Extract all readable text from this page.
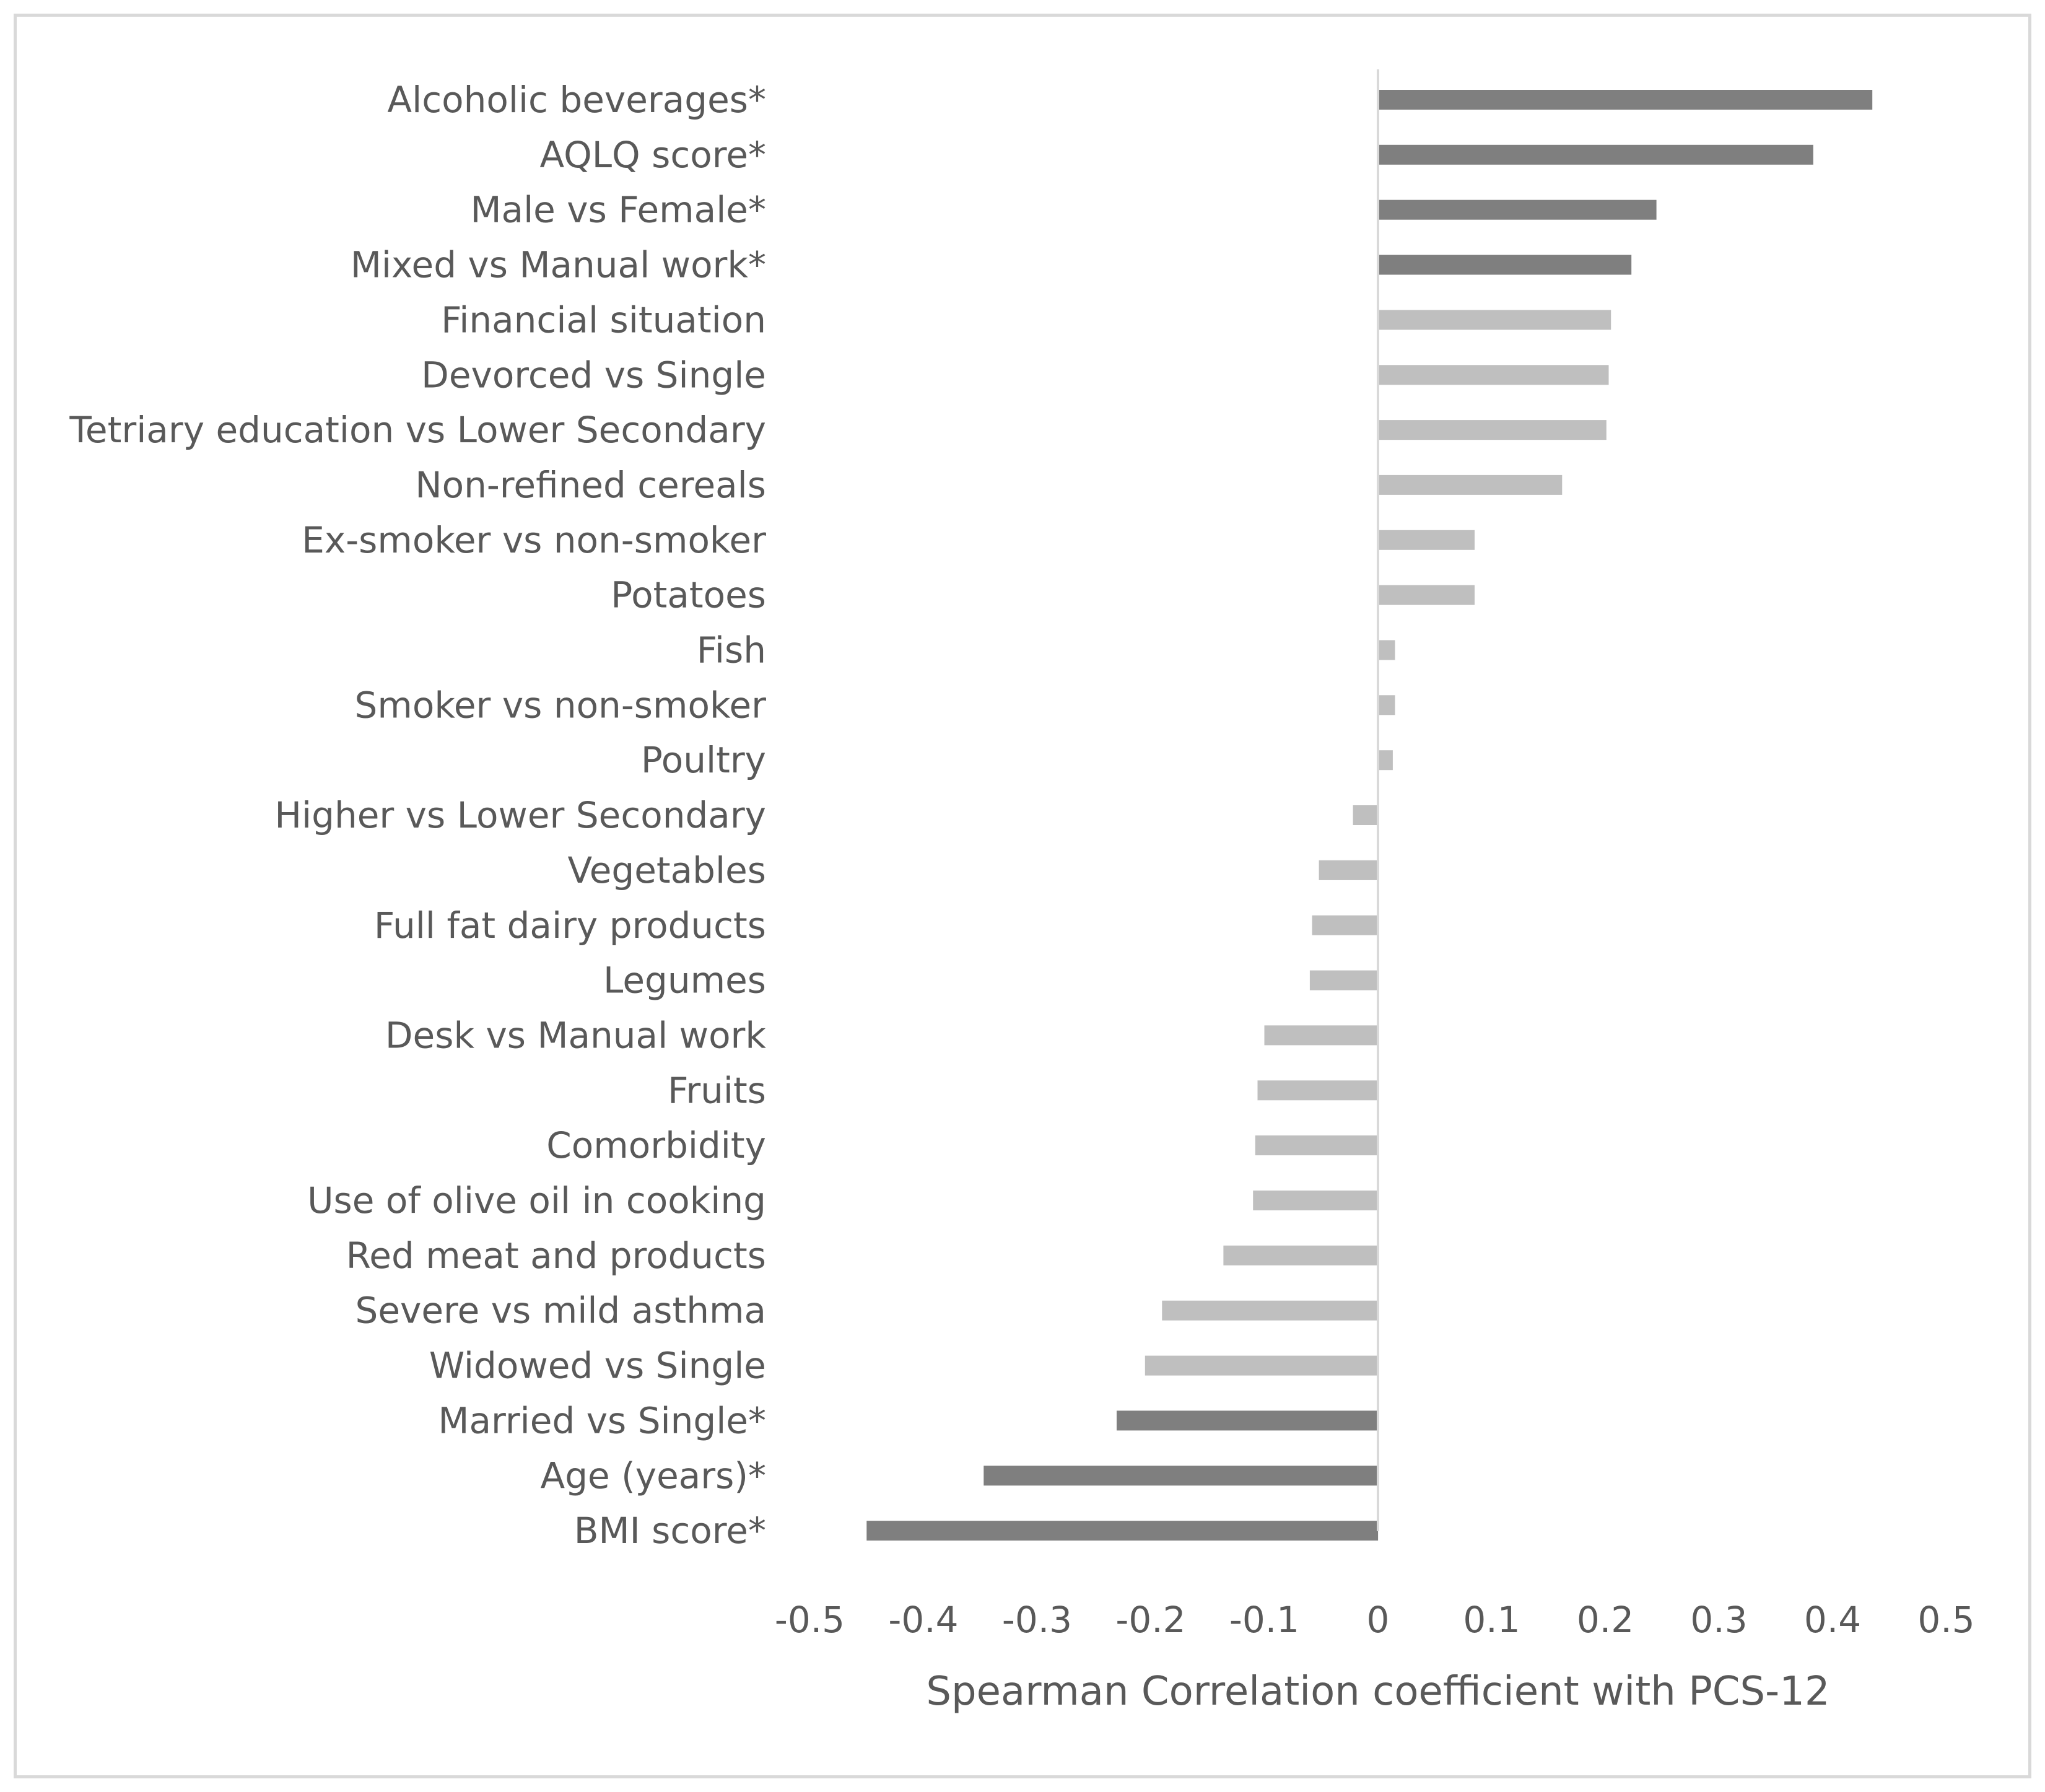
Alcoholic beverages*
AQLQ score*
Male vs Female*
Mixed vs Manual work*
Financial situation
Devorced vs Single
Tetriary education vs Lower Secondary
Non-refined cereals
Ex-smoker vs non-smoker
Potatoes
Fish
Smoker vs non-smoker
Poultry
Higher vs Lower Secondary
Vegetables
Full fat dairy products
Legumes
Desk vs Manual work
Fruits
Comorbidity
Use of olive oil in cooking
Red meat and products
Severe vs mild asthma
Widowed vs Single
Married vs Single*
Age (years)*
BMI score*
-0.5 -0.4 -0.3 -0.2 -0.1 0 0.1 0.2 0.3 0.4 0.5
Spearman Correlation coefficient with PCS-12
